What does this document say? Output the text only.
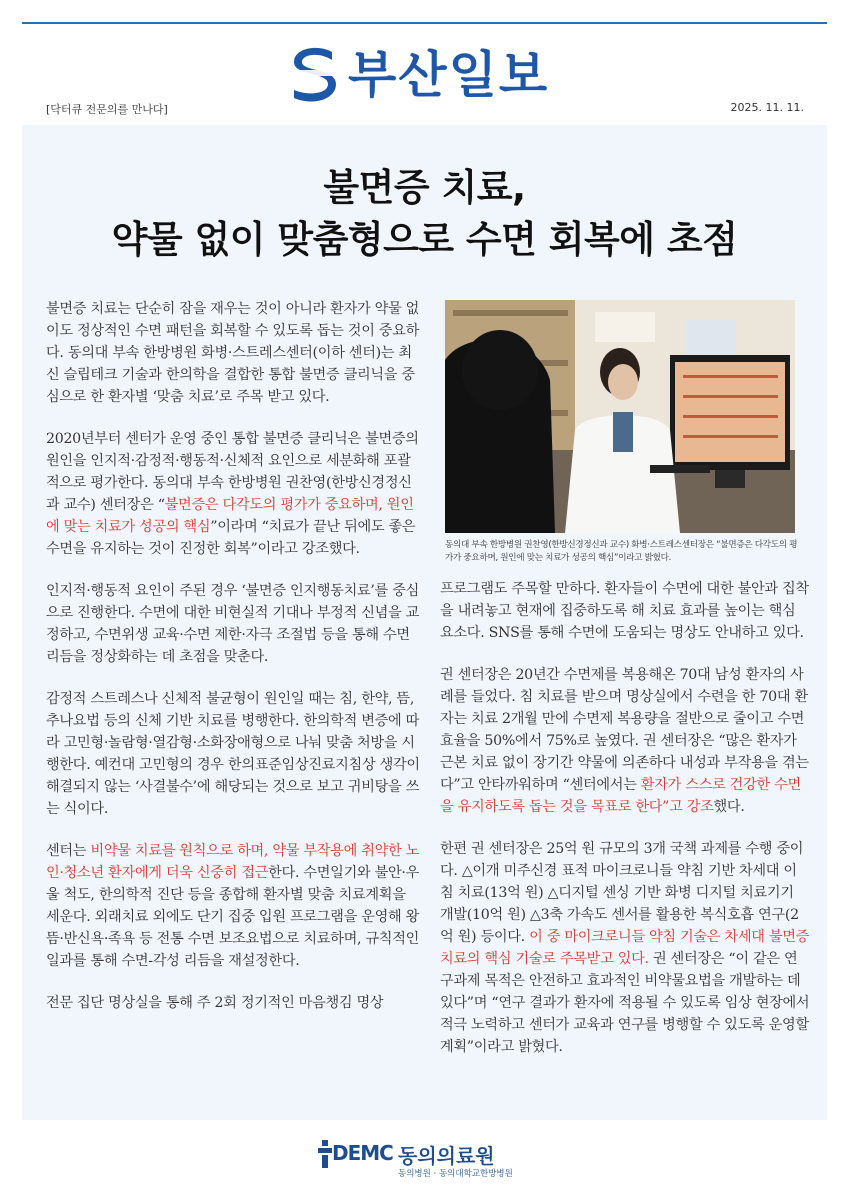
부산일보
[닥터큐 전문의를 만나다]	2025. 11. 11.
불면증 치료,
약물 없이 맞춤형으로 수면 회복에 초점

불면증 치료는 단순히 잠을 재우는 것이 아니라 환자가 약물 없이도 정상적인 수면 패턴을 회복할 수 있도록 돕는 것이 중요하다. 동의대 부속 한방병원 화병·스트레스센터(이하 센터)는 최신 슬립테크 기술과 한의학을 결합한 통합 불면증 클리닉을 중심으로 한 환자별 ‘맞춤 치료’로 주목 받고 있다.

2020년부터 센터가 운영 중인 통합 불면증 클리닉은 불면증의 원인을 인지적·감정적·행동적·신체적 요인으로 세분화해 포괄적으로 평가한다. 동의대 부속 한방병원 권찬영(한방신경정신과 교수) 센터장은 “불면증은 다각도의 평가가 중요하며, 원인에 맞는 치료가 성공의 핵심”이라며 “치료가 끝난 뒤에도 좋은 수면을 유지하는 것이 진정한 회복”이라고 강조했다.

인지적·행동적 요인이 주된 경우 ‘불면증 인지행동치료’를 중심으로 진행한다. 수면에 대한 비현실적 기대나 부정적 신념을 교정하고, 수면위생 교육·수면 제한·자극 조절법 등을 통해 수면 리듬을 정상화하는 데 초점을 맞춘다.

감정적 스트레스나 신체적 불균형이 원인일 때는 침, 한약, 뜸, 추나요법 등의 신체 기반 치료를 병행한다. 한의학적 변증에 따라 고민형·놀람형·열감형·소화장애형으로 나눠 맞춤 처방을 시행한다. 예컨대 고민형의 경우 한의표준임상진료지침상 생각이 해결되지 않는 ‘사결불수’에 해당되는 것으로 보고 귀비탕을 쓰는 식이다.

센터는 비약물 치료를 원칙으로 하며, 약물 부작용에 취약한 노인·청소년 환자에게 더욱 신중히 접근한다. 수면일기와 불안·우울 척도, 한의학적 진단 등을 종합해 환자별 맞춤 치료계획을 세운다. 외래치료 외에도 단기 집중 입원 프로그램을 운영해 왕뜸·반신욕·족욕 등 전통 수면 보조요법으로 치료하며, 규칙적인 일과를 통해 수면-각성 리듬을 재설정한다.

전문 집단 명상실을 통해 주 2회 정기적인 마음챙김 명상

동의대 부속 한방병원 권찬영(한방신경정신과 교수) 화병·스트레스센터장은 “불면증은 다각도의 평가가 중요하며, 원인에 맞는 치료가 성공의 핵심”이라고 밝혔다.

프로그램도 주목할 만하다. 환자들이 수면에 대한 불안과 집착을 내려놓고 현재에 집중하도록 해 치료 효과를 높이는 핵심 요소다. SNS를 통해 수면에 도움되는 명상도 안내하고 있다.

권 센터장은 20년간 수면제를 복용해온 70대 남성 환자의 사례를 들었다. 침 치료를 받으며 명상실에서 수련을 한 70대 환자는 치료 2개월 만에 수면제 복용량을 절반으로 줄이고 수면 효율을 50%에서 75%로 높였다. 권 센터장은 “많은 환자가 근본 치료 없이 장기간 약물에 의존하다 내성과 부작용을 겪는다”고 안타까워하며 “센터에서는 환자가 스스로 건강한 수면을 유지하도록 돕는 것을 목표로 한다”고 강조했다.

한편 권 센터장은 25억 원 규모의 3개 국책 과제를 수행 중이다. △이개 미주신경 표적 마이크로니들 약침 기반 차세대 이침 치료(13억 원) △디지털 센싱 기반 화병 디지털 치료기기 개발(10억 원) △3축 가속도 센서를 활용한 복식호흡 연구(2억 원) 등이다. 이 중 마이크로니들 약침 기술은 차세대 불면증 치료의 핵심 기술로 주목받고 있다. 권 센터장은 “이 같은 연구과제 목적은 안전하고 효과적인 비약물요법을 개발하는 데 있다”며 “연구 결과가 환자에 적용될 수 있도록 임상 현장에서 적극 노력하고 센터가 교육과 연구를 병행할 수 있도록 운영할 계획”이라고 밝혔다.

DEMC 동의의료원
동의병원 · 동의대학교한방병원
